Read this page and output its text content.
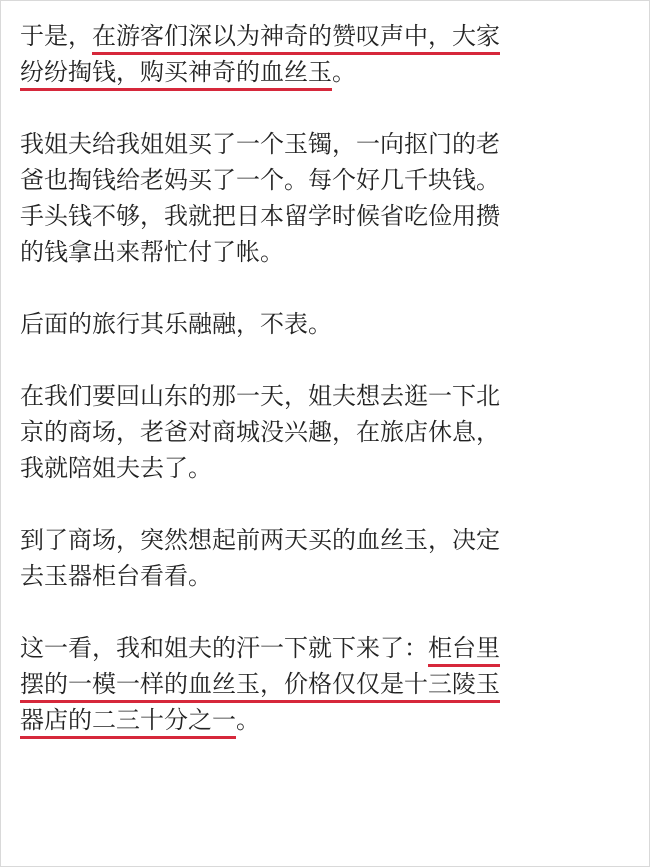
于是，在游客们深以为神奇的赞叹声中，大家
纷纷掏钱，购买神奇的血丝玉。
我姐夫给我姐姐买了一个玉镯，一向抠门的老
爸也掏钱给老妈买了一个。每个好几千块钱。
手头钱不够，我就把日本留学时候省吃俭用攒
的钱拿出来帮忙付了帐。
后面的旅行其乐融融，不表。
在我们要回山东的那一天，姐夫想去逛一下北
京的商场，老爸对商城没兴趣，在旅店休息，
我就陪姐夫去了。
到了商场，突然想起前两天买的血丝玉，决定
去玉器柜台看看。
这一看，我和姐夫的汗一下就下来了：柜台里
摆的一模一样的血丝玉，价格仅仅是十三陵玉
器店的二三十分之一。
